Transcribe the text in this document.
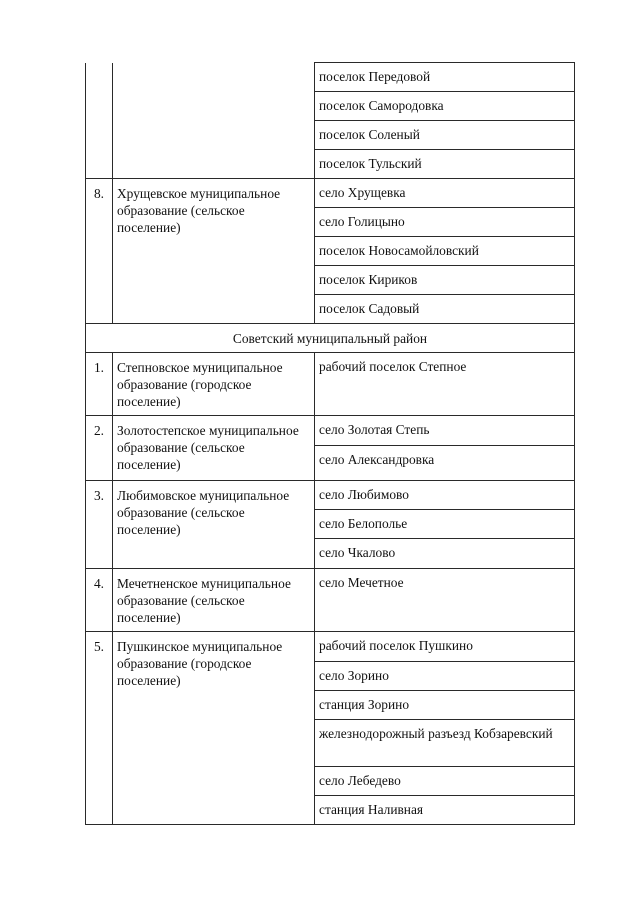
		поселок Передовой
		поселок Самородовка
		поселок Соленый
		поселок Тульский
8.	Хрущевское муниципальное образование (сельское поселение)	село Хрущевка
		село Голицыно
		поселок Новосамойловский
		поселок Кириков
		поселок Садовый
Советский муниципальный район		
1.	Степновское муниципальное образование (городское поселение)	рабочий поселок Степное
2.	Золотостепское муниципальное образование (сельское поселение)	село Золотая Степь
		село Александровка
3.	Любимовское муниципальное образование (сельское поселение)	село Любимово
		село Белополье
		село Чкалово
4.	Мечетненское муниципальное образование (сельское поселение)	село Мечетное
5.	Пушкинское муниципальное образование (городское поселение)	рабочий поселок Пушкино
		село Зорино
		станция Зорино
		железнодорожный разъезд Кобзаревский
		село Лебедево
		станция Наливная
